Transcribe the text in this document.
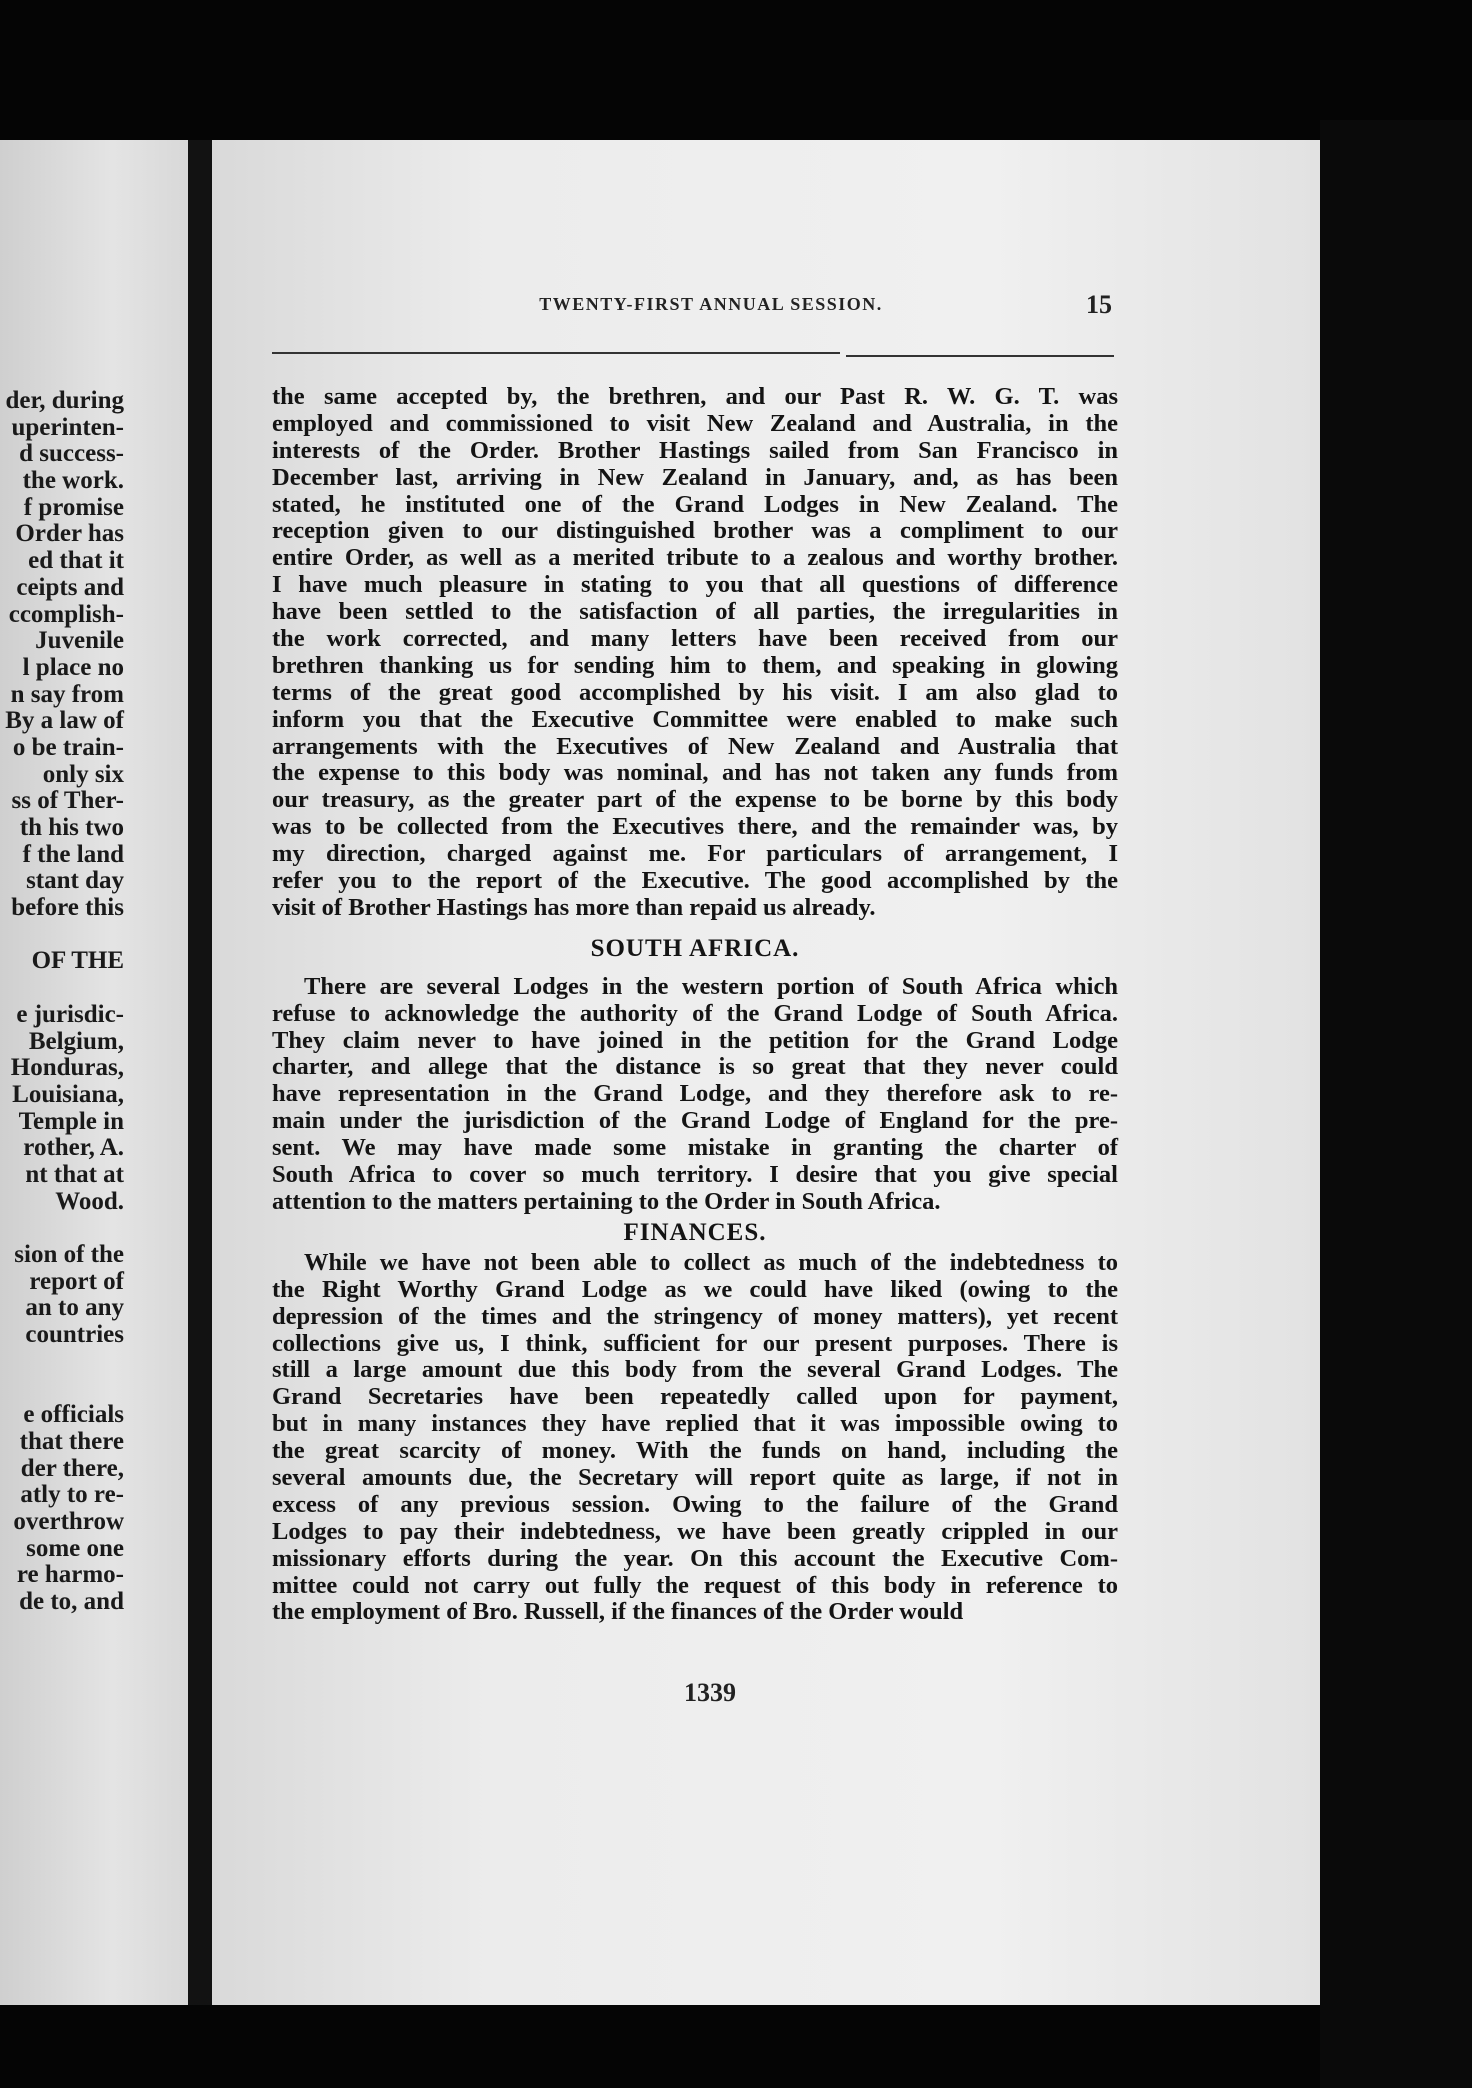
der, during
uperinten-
d success-
the work.
f promise
Order has
ed that it
ceipts and
ccomplish-
Juvenile
l place no
n say from
By a law of
o be train-
only six
ss of Ther-
th his two
f the land
stant day
before this
OF THE
e jurisdic-
Belgium,
Honduras,
Louisiana,
Temple in
rother, A.
nt that at
Wood.
sion of the
report of
an to any
countries
e officials
that there
der there,
atly to re-
overthrow
some one
re harmo-
de to, and
TWENTY-FIRST ANNUAL SESSION.	15
the same accepted by, the brethren, and our Past R. W. G. T. was
employed and commissioned to visit New Zealand and Australia, in the
interests of the Order. Brother Hastings sailed from San Francisco in
December last, arriving in New Zealand in January, and, as has been
stated, he instituted one of the Grand Lodges in New Zealand. The
reception given to our distinguished brother was a compliment to our
entire Order, as well as a merited tribute to a zealous and worthy brother.
I have much pleasure in stating to you that all questions of difference
have been settled to the satisfaction of all parties, the irregularities in
the work corrected, and many letters have been received from our
brethren thanking us for sending him to them, and speaking in glowing
terms of the great good accomplished by his visit. I am also glad to
inform you that the Executive Committee were enabled to make such
arrangements with the Executives of New Zealand and Australia that
the expense to this body was nominal, and has not taken any funds from
our treasury, as the greater part of the expense to be borne by this body
was to be collected from the Executives there, and the remainder was, by
my direction, charged against me. For particulars of arrangement, I
refer you to the report of the Executive. The good accomplished by the
visit of Brother Hastings has more than repaid us already.
SOUTH AFRICA.
There are several Lodges in the western portion of South Africa which
refuse to acknowledge the authority of the Grand Lodge of South Africa.
They claim never to have joined in the petition for the Grand Lodge
charter, and allege that the distance is so great that they never could
have representation in the Grand Lodge, and they therefore ask to re-
main under the jurisdiction of the Grand Lodge of England for the pre-
sent. We may have made some mistake in granting the charter of
South Africa to cover so much territory. I desire that you give special
attention to the matters pertaining to the Order in South Africa.
FINANCES.
While we have not been able to collect as much of the indebtedness to
the Right Worthy Grand Lodge as we could have liked (owing to the
depression of the times and the stringency of money matters), yet recent
collections give us, I think, sufficient for our present purposes. There is
still a large amount due this body from the several Grand Lodges. The
Grand Secretaries have been repeatedly called upon for payment,
but in many instances they have replied that it was impossible owing to
the great scarcity of money. With the funds on hand, including the
several amounts due, the Secretary will report quite as large, if not in
excess of any previous session. Owing to the failure of the Grand
Lodges to pay their indebtedness, we have been greatly crippled in our
missionary efforts during the year. On this account the Executive Com-
mittee could not carry out fully the request of this body in reference to
the employment of Bro. Russell, if the finances of the Order would
1339
